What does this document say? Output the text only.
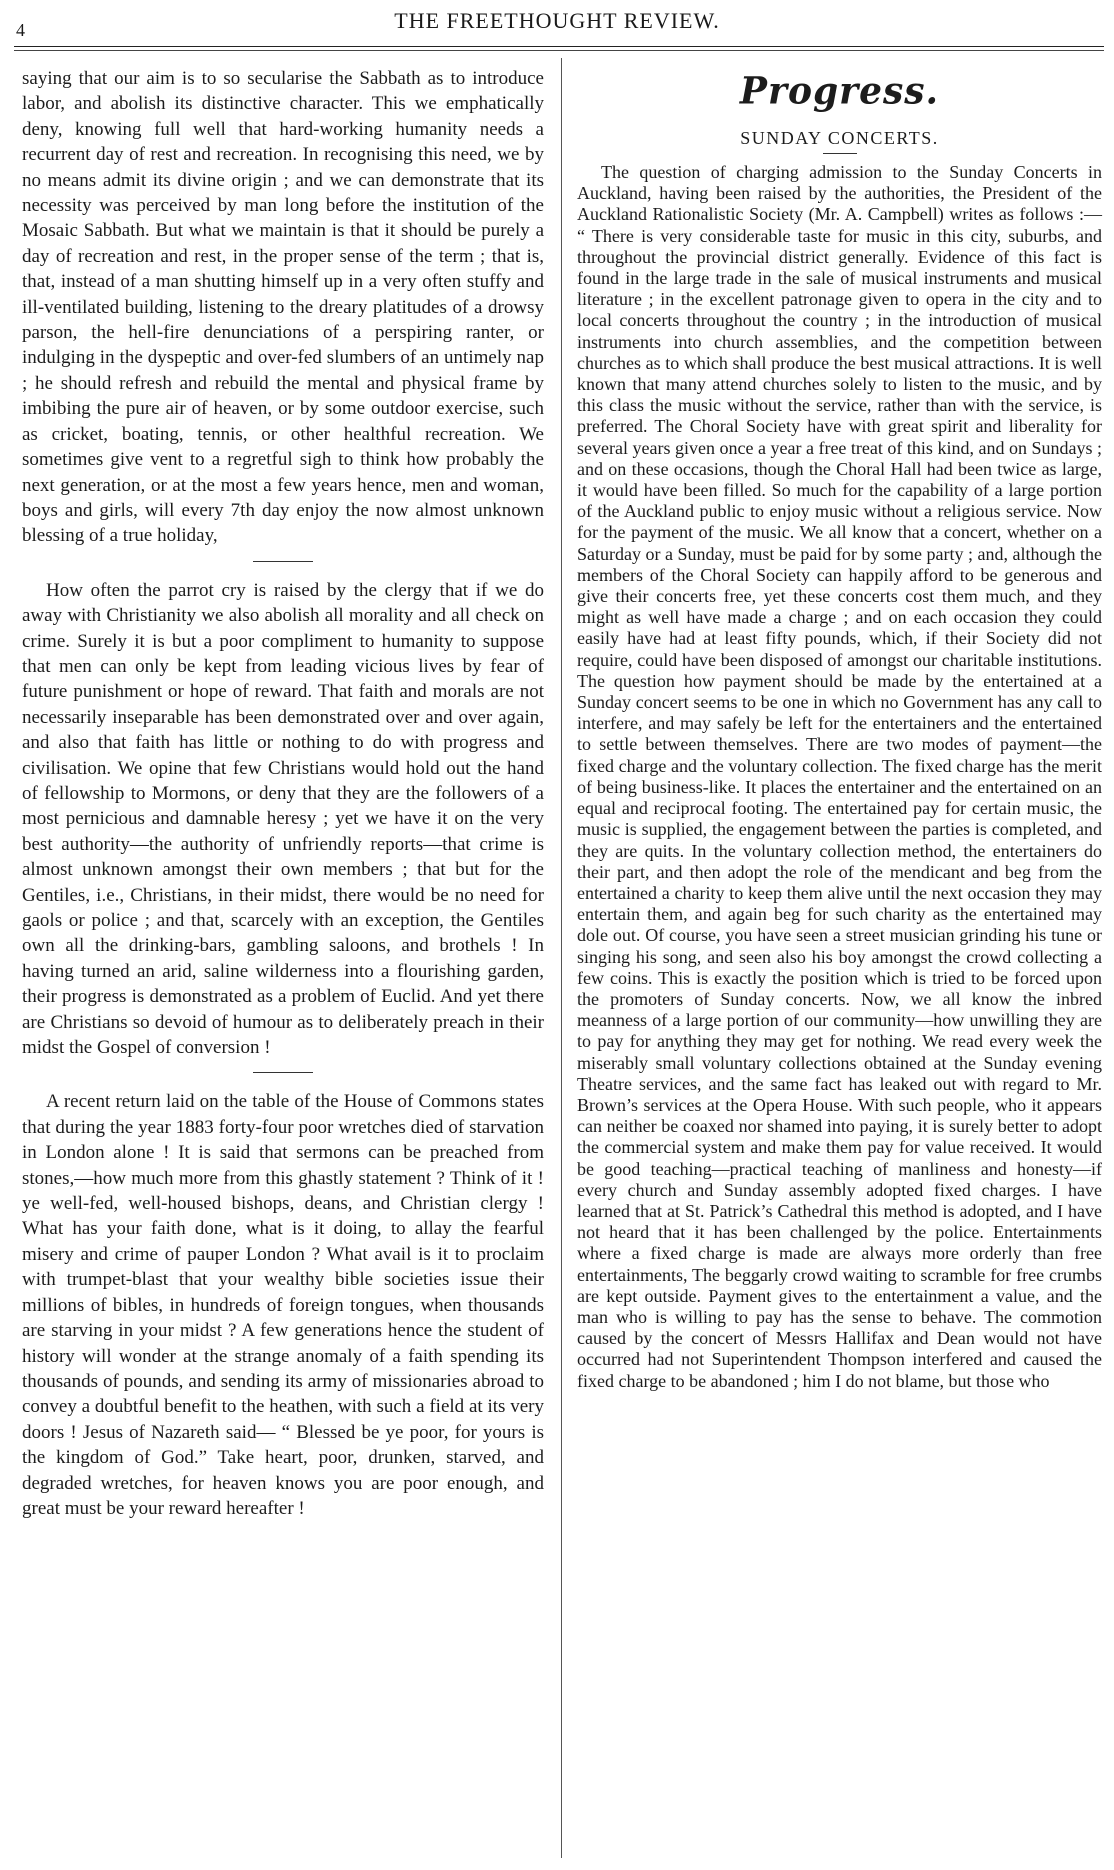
4	THE FREETHOUGHT REVIEW.

saying that our aim is to so secularise the Sabbath as to introduce labor, and abolish its distinctive character. This we emphatically deny, knowing full well that hard-working humanity needs a recurrent day of rest and recreation. In recognising this need, we by no means admit its divine origin ; and we can demonstrate that its necessity was perceived by man long before the institution of the Mosaic Sabbath. But what we maintain is that it should be purely a day of recreation and rest, in the proper sense of the term ; that is, that, instead of a man shutting himself up in a very often stuffy and ill-ventilated building, listening to the dreary platitudes of a drowsy parson, the hell-fire denunciations of a perspiring ranter, or indulging in the dyspeptic and over-fed slumbers of an untimely nap ; he should refresh and rebuild the mental and physical frame by imbibing the pure air of heaven, or by some outdoor exercise, such as cricket, boating, tennis, or other healthful recreation. We sometimes give vent to a regretful sigh to think how probably the next generation, or at the most a few years hence, men and woman, boys and girls, will every 7th day enjoy the now almost unknown blessing of a true holiday,

How often the parrot cry is raised by the clergy that if we do away with Christianity we also abolish all morality and all check on crime. Surely it is but a poor compliment to humanity to suppose that men can only be kept from leading vicious lives by fear of future punishment or hope of reward. That faith and morals are not necessarily inseparable has been demonstrated over and over again, and also that faith has little or nothing to do with progress and civilisation. We opine that few Christians would hold out the hand of fellowship to Mormons, or deny that they are the followers of a most pernicious and damnable heresy ; yet we have it on the very best authority—the authority of unfriendly reports—that crime is almost unknown amongst their own members ; that but for the Gentiles, i.e., Christians, in their midst, there would be no need for gaols or police ; and that, scarcely with an exception, the Gentiles own all the drinking-bars, gambling saloons, and brothels ! In having turned an arid, saline wilderness into a flourishing garden, their progress is demonstrated as a problem of Euclid. And yet there are Christians so devoid of humour as to deliberately preach in their midst the Gospel of conversion !

A recent return laid on the table of the House of Commons states that during the year 1883 forty-four poor wretches died of starvation in London alone ! It is said that sermons can be preached from stones,—how much more from this ghastly statement ? Think of it ! ye well-fed, well-housed bishops, deans, and Christian clergy ! What has your faith done, what is it doing, to allay the fearful misery and crime of pauper London ? What avail is it to proclaim with trumpet-blast that your wealthy bible societies issue their millions of bibles, in hundreds of foreign tongues, when thousands are starving in your midst ? A few generations hence the student of history will wonder at the strange anomaly of a faith spending its thousands of pounds, and sending its army of missionaries abroad to convey a doubtful benefit to the heathen, with such a field at its very doors ! Jesus of Nazareth said— “ Blessed be ye poor, for yours is the kingdom of God.” Take heart, poor, drunken, starved, and degraded wretches, for heaven knows you are poor enough, and great must be your reward hereafter !

Progress.
SUNDAY CONCERTS.

The question of charging admission to the Sunday Concerts in Auckland, having been raised by the authorities, the President of the Auckland Rationalistic Society (Mr. A. Campbell) writes as follows :— “ There is very considerable taste for music in this city, suburbs, and throughout the provincial district generally. Evidence of this fact is found in the large trade in the sale of musical instruments and musical literature ; in the excellent patronage given to opera in the city and to local concerts throughout the country ; in the introduction of musical instruments into church assemblies, and the competition between churches as to which shall produce the best musical attractions. It is well known that many attend churches solely to listen to the music, and by this class the music without the service, rather than with the service, is preferred. The Choral Society have with great spirit and liberality for several years given once a year a free treat of this kind, and on Sundays ; and on these occasions, though the Choral Hall had been twice as large, it would have been filled. So much for the capability of a large portion of the Auckland public to enjoy music without a religious service. Now for the payment of the music. We all know that a concert, whether on a Saturday or a Sunday, must be paid for by some party ; and, although the members of the Choral Society can happily afford to be generous and give their concerts free, yet these concerts cost them much, and they might as well have made a charge ; and on each occasion they could easily have had at least fifty pounds, which, if their Society did not require, could have been disposed of amongst our charitable institutions. The question how payment should be made by the entertained at a Sunday concert seems to be one in which no Government has any call to interfere, and may safely be left for the entertainers and the entertained to settle between themselves. There are two modes of payment—the fixed charge and the voluntary collection. The fixed charge has the merit of being business-like. It places the entertainer and the entertained on an equal and reciprocal footing. The entertained pay for certain music, the music is supplied, the engagement between the parties is completed, and they are quits. In the voluntary collection method, the entertainers do their part, and then adopt the role of the mendicant and beg from the entertained a charity to keep them alive until the next occasion they may entertain them, and again beg for such charity as the entertained may dole out. Of course, you have seen a street musician grinding his tune or singing his song, and seen also his boy amongst the crowd collecting a few coins. This is exactly the position which is tried to be forced upon the promoters of Sunday concerts. Now, we all know the inbred meanness of a large portion of our community—how unwilling they are to pay for anything they may get for nothing. We read every week the miserably small voluntary collections obtained at the Sunday evening Theatre services, and the same fact has leaked out with regard to Mr. Brown’s services at the Opera House. With such people, who it appears can neither be coaxed nor shamed into paying, it is surely better to adopt the commercial system and make them pay for value received. It would be good teaching—practical teaching of manliness and honesty—if every church and Sunday assembly adopted fixed charges. I have learned that at St. Patrick’s Cathedral this method is adopted, and I have not heard that it has been challenged by the police. Entertainments where a fixed charge is made are always more orderly than free entertainments, The beggarly crowd waiting to scramble for free crumbs are kept outside. Payment gives to the entertainment a value, and the man who is willing to pay has the sense to behave. The commotion caused by the concert of Messrs Hallifax and Dean would not have occurred had not Superintendent Thompson interfered and caused the fixed charge to be abandoned ; him I do not blame, but those who
